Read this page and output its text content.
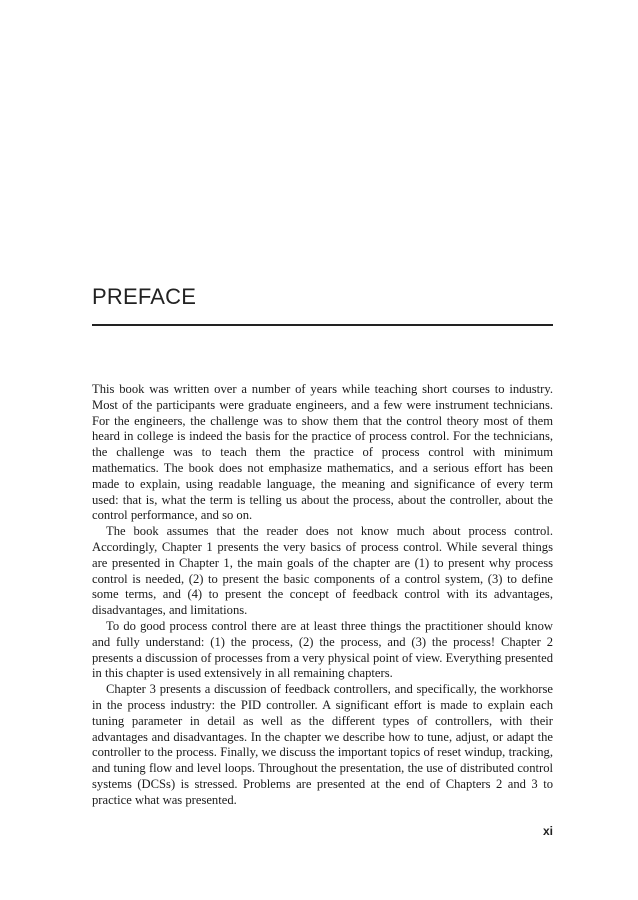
PREFACE

This book was written over a number of years while teaching short courses to industry. Most of the participants were graduate engineers, and a few were instrument technicians. For the engineers, the challenge was to show them that the control theory most of them heard in college is indeed the basis for the practice of process control. For the technicians, the challenge was to teach them the practice of process control with minimum mathematics. The book does not emphasize mathematics, and a serious effort has been made to explain, using readable language, the meaning and significance of every term used: that is, what the term is telling us about the process, about the controller, about the control performance, and so on.

The book assumes that the reader does not know much about process control. Accordingly, Chapter 1 presents the very basics of process control. While several things are presented in Chapter 1, the main goals of the chapter are (1) to present why process control is needed, (2) to present the basic components of a control system, (3) to define some terms, and (4) to present the concept of feedback control with its advantages, disadvantages, and limitations.

To do good process control there are at least three things the practitioner should know and fully understand: (1) the process, (2) the process, and (3) the process! Chapter 2 presents a discussion of processes from a very physical point of view. Everything presented in this chapter is used extensively in all remaining chapters.

Chapter 3 presents a discussion of feedback controllers, and specifically, the workhorse in the process industry: the PID controller. A significant effort is made to explain each tuning parameter in detail as well as the different types of controllers, with their advantages and disadvantages. In the chapter we describe how to tune, adjust, or adapt the controller to the process. Finally, we discuss the important topics of reset windup, tracking, and tuning flow and level loops. Throughout the presentation, the use of distributed control systems (DCSs) is stressed. Problems are presented at the end of Chapters 2 and 3 to practice what was presented.

xi
